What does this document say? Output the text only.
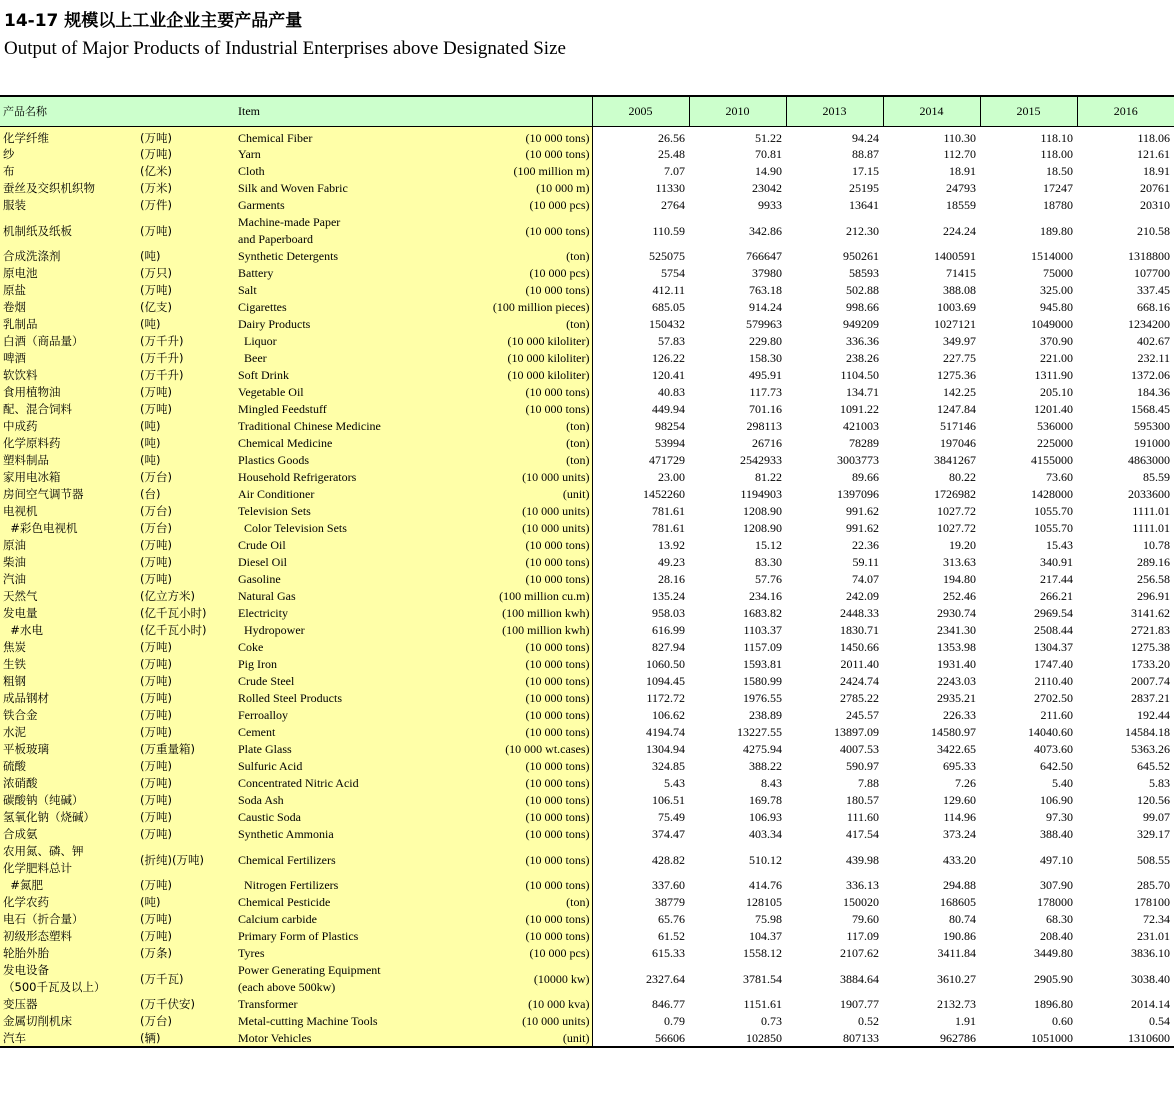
14-17 规模以上工业企业主要产品产量
Output of Major Products of Industrial Enterprises above Designated Size
产品名称		Item		2005	2010	2013	2014	2015	2016
化学纤维	(万吨)	Chemical Fiber	(10 000 tons)	26.56	51.22	94.24	110.30	118.10	118.06
纱	(万吨)	Yarn	(10 000 tons)	25.48	70.81	88.87	112.70	118.00	121.61
布	(亿米)	Cloth	(100 million m)	7.07	14.90	17.15	18.91	18.50	18.91
蚕丝及交织机织物	(万米)	Silk and Woven Fabric	(10 000 m)	11330	23042	25195	24793	17247	20761
服装	(万件)	Garments	(10 000 pcs)	2764	9933	13641	18559	18780	20310
机制纸及纸板	(万吨)	Machine-made Paper
and Paperboard	(10 000 tons)	110.59	342.86	212.30	224.24	189.80	210.58
合成洗涤剂	(吨)	Synthetic Detergents	(ton)	525075	766647	950261	1400591	1514000	1318800
原电池	(万只)	Battery	(10 000 pcs)	5754	37980	58593	71415	75000	107700
原盐	(万吨)	Salt	(10 000 tons)	412.11	763.18	502.88	388.08	325.00	337.45
卷烟	(亿支)	Cigarettes	(100 million pieces)	685.05	914.24	998.66	1003.69	945.80	668.16
乳制品	(吨)	Dairy Products	(ton)	150432	579963	949209	1027121	1049000	1234200
白酒（商品量）	(万千升)	Liquor	(10 000 kiloliter)	57.83	229.80	336.36	349.97	370.90	402.67
啤酒	(万千升)	Beer	(10 000 kiloliter)	126.22	158.30	238.26	227.75	221.00	232.11
软饮料	(万千升)	Soft Drink	(10 000 kiloliter)	120.41	495.91	1104.50	1275.36	1311.90	1372.06
食用植物油	(万吨)	Vegetable Oil	(10 000 tons)	40.83	117.73	134.71	142.25	205.10	184.36
配、混合饲料	(万吨)	Mingled Feedstuff	(10 000 tons)	449.94	701.16	1091.22	1247.84	1201.40	1568.45
中成药	(吨)	Traditional Chinese Medicine	(ton)	98254	298113	421003	517146	536000	595300
化学原料药	(吨)	Chemical Medicine	(ton)	53994	26716	78289	197046	225000	191000
塑料制品	(吨)	Plastics Goods	(ton)	471729	2542933	3003773	3841267	4155000	4863000
家用电冰箱	(万台)	Household Refrigerators	(10 000 units)	23.00	81.22	89.66	80.22	73.60	85.59
房间空气调节器	(台)	Air Conditioner	(unit)	1452260	1194903	1397096	1726982	1428000	2033600
电视机	(万台)	Television Sets	(10 000 units)	781.61	1208.90	991.62	1027.72	1055.70	1111.01
#彩色电视机	(万台)	Color Television Sets	(10 000 units)	781.61	1208.90	991.62	1027.72	1055.70	1111.01
原油	(万吨)	Crude Oil	(10 000 tons)	13.92	15.12	22.36	19.20	15.43	10.78
柴油	(万吨)	Diesel Oil	(10 000 tons)	49.23	83.30	59.11	313.63	340.91	289.16
汽油	(万吨)	Gasoline	(10 000 tons)	28.16	57.76	74.07	194.80	217.44	256.58
天然气	(亿立方米)	Natural Gas	(100 million cu.m)	135.24	234.16	242.09	252.46	266.21	296.91
发电量	(亿千瓦小时)	Electricity	(100 million kwh)	958.03	1683.82	2448.33	2930.74	2969.54	3141.62
#水电	(亿千瓦小时)	Hydropower	(100 million kwh)	616.99	1103.37	1830.71	2341.30	2508.44	2721.83
焦炭	(万吨)	Coke	(10 000 tons)	827.94	1157.09	1450.66	1353.98	1304.37	1275.38
生铁	(万吨)	Pig Iron	(10 000 tons)	1060.50	1593.81	2011.40	1931.40	1747.40	1733.20
粗钢	(万吨)	Crude Steel	(10 000 tons)	1094.45	1580.99	2424.74	2243.03	2110.40	2007.74
成品钢材	(万吨)	Rolled Steel Products	(10 000 tons)	1172.72	1976.55	2785.22	2935.21	2702.50	2837.21
铁合金	(万吨)	Ferroalloy	(10 000 tons)	106.62	238.89	245.57	226.33	211.60	192.44
水泥	(万吨)	Cement	(10 000 tons)	4194.74	13227.55	13897.09	14580.97	14040.60	14584.18
平板玻璃	(万重量箱)	Plate Glass	(10 000 wt.cases)	1304.94	4275.94	4007.53	3422.65	4073.60	5363.26
硫酸	(万吨)	Sulfuric Acid	(10 000 tons)	324.85	388.22	590.97	695.33	642.50	645.52
浓硝酸	(万吨)	Concentrated Nitric Acid	(10 000 tons)	5.43	8.43	7.88	7.26	5.40	5.83
碳酸钠（纯碱）	(万吨)	Soda Ash	(10 000 tons)	106.51	169.78	180.57	129.60	106.90	120.56
氢氧化钠（烧碱）	(万吨)	Caustic Soda	(10 000 tons)	75.49	106.93	111.60	114.96	97.30	99.07
合成氨	(万吨)	Synthetic Ammonia	(10 000 tons)	374.47	403.34	417.54	373.24	388.40	329.17
农用氮、磷、钾
化学肥料总计	(折纯)(万吨)	Chemical Fertilizers	(10 000 tons)	428.82	510.12	439.98	433.20	497.10	508.55
#氮肥	(万吨)	Nitrogen Fertilizers	(10 000 tons)	337.60	414.76	336.13	294.88	307.90	285.70
化学农药	(吨)	Chemical Pesticide	(ton)	38779	128105	150020	168605	178000	178100
电石（折合量）	(万吨)	Calcium carbide	(10 000 tons)	65.76	75.98	79.60	80.74	68.30	72.34
初级形态塑料	(万吨)	Primary Form of Plastics	(10 000 tons)	61.52	104.37	117.09	190.86	208.40	231.01
轮胎外胎	(万条)	Tyres	(10 000 pcs)	615.33	1558.12	2107.62	3411.84	3449.80	3836.10
发电设备
（500千瓦及以上）	(万千瓦)	Power Generating Equipment
(each above 500kw)	(10000 kw)	2327.64	3781.54	3884.64	3610.27	2905.90	3038.40
变压器	(万千伏安)	Transformer	(10 000 kva)	846.77	1151.61	1907.77	2132.73	1896.80	2014.14
金属切削机床	(万台)	Metal-cutting Machine Tools	(10 000 units)	0.79	0.73	0.52	1.91	0.60	0.54
汽车	(辆)	Motor Vehicles	(unit)	56606	102850	807133	962786	1051000	1310600
